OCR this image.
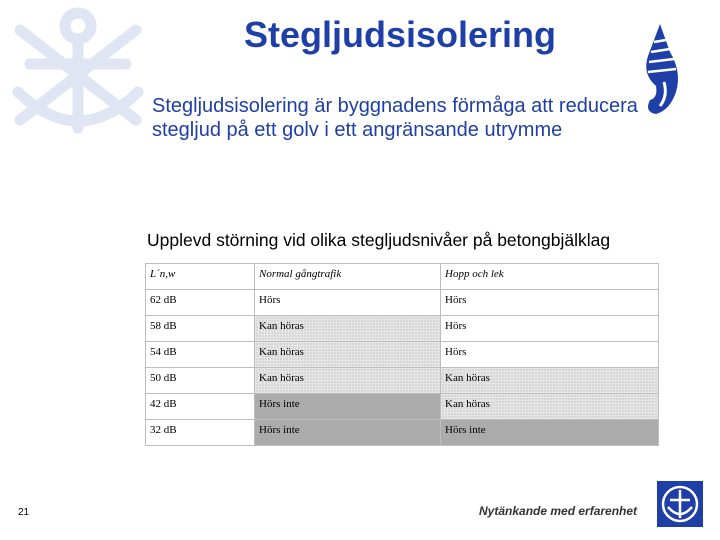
Stegljudsisolering
Stegljudsisolering är byggnadens förmåga att reducera stegljud på ett golv i ett angränsande utrymme
Upplevd störning vid olika stegljudsnivåer på betongbjälklag
L´n,w	Normal gångtrafik	Hopp och lek
62 dB	Hörs	Hörs
58 dB	Kan höras	Hörs
54 dB	Kan höras	Hörs
50 dB	Kan höras	Kan höras
42 dB	Hörs inte	Kan höras
32 dB	Hörs inte	Hörs inte
21	Nytänkande med erfarenhet
